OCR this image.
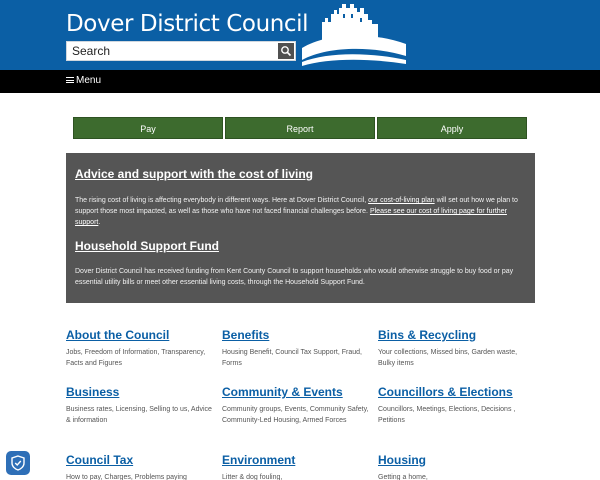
Dover District Council
Search
Menu
Pay	Report	Apply
Advice and support with the cost of living

The rising cost of living is affecting everybody in different ways. Here at Dover District Council, our cost-of-living plan will set out how we plan to support those most impacted, as well as those who have not faced financial challenges before. Please see our cost of living page for further support.

Household Support Fund

Dover District Council has received funding from Kent County Council to support households who would otherwise struggle to buy food or pay essential utility bills or meet other essential living costs, through the Household Support Fund.

About the Council
Jobs, Freedom of Information, Transparency, Facts and Figures
Benefits
Housing Benefit, Council Tax Support, Fraud, Forms
Bins & Recycling
Your collections, Missed bins, Garden waste, Bulky items
Business
Business rates, Licensing, Selling to us, Advice & information
Community & Events
Community groups, Events, Community Safety, Community-Led Housing, Armed Forces
Councillors & Elections
Councillors, Meetings, Elections, Decisions , Petitions
Council Tax
How to pay, Charges, Problems paying
Environment
Litter & dog fouling,
Housing
Getting a home,
